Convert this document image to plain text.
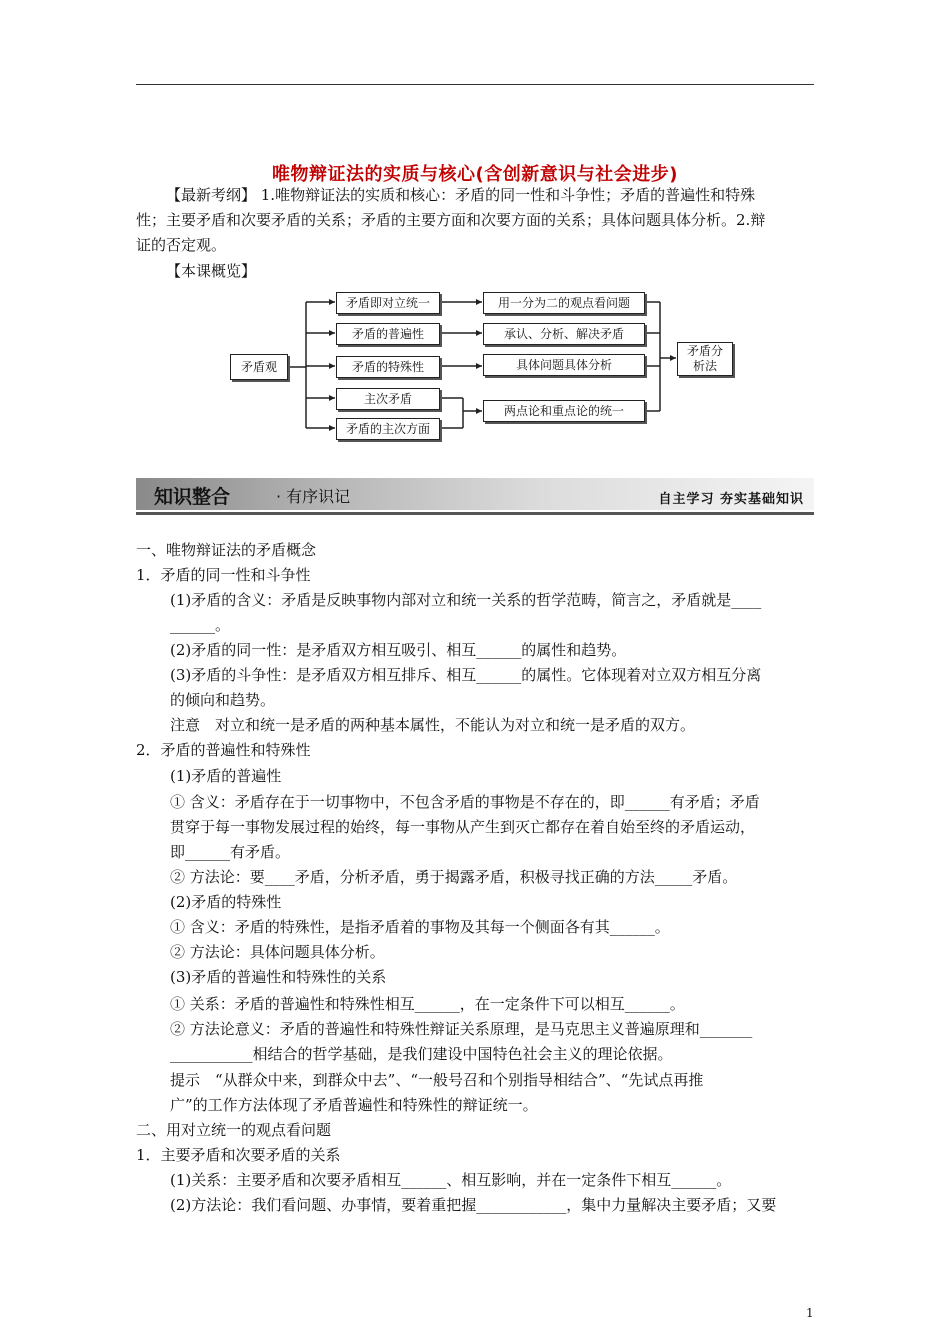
唯物辩证法的实质与核心(含创新意识与社会进步)
【最新考纲】 1.唯物辩证法的实质和核心：矛盾的同一性和斗争性；矛盾的普遍性和特殊
性；主要矛盾和次要矛盾的关系；矛盾的主要方面和次要方面的关系；具体问题具体分析。2.辩
证的否定观。
【本课概览】
矛盾观
矛盾即对立统一
矛盾的普遍性
矛盾的特殊性
主次矛盾
矛盾的主次方面
用一分为二的观点看问题
承认、分析、解决矛盾
具体问题具体分析
两点论和重点论的统一
矛盾分析法
知识整合	· 有序识记	自主学习 夯实基础知识
一、唯物辩证法的矛盾概念
1．矛盾的同一性和斗争性
(1)矛盾的含义：矛盾是反映事物内部对立和统一关系的哲学范畴，简言之，矛盾就是____
______。
(2)矛盾的同一性：是矛盾双方相互吸引、相互______的属性和趋势。
(3)矛盾的斗争性：是矛盾双方相互排斥、相互______的属性。它体现着对立双方相互分离
的倾向和趋势。
注意　对立和统一是矛盾的两种基本属性，不能认为对立和统一是矛盾的双方。
2．矛盾的普遍性和特殊性
(1)矛盾的普遍性
① 含义：矛盾存在于一切事物中，不包含矛盾的事物是不存在的，即______有矛盾；矛盾
贯穿于每一事物发展过程的始终，每一事物从产生到灭亡都存在着自始至终的矛盾运动，
即______有矛盾。
② 方法论：要____矛盾，分析矛盾，勇于揭露矛盾，积极寻找正确的方法_____矛盾。
(2)矛盾的特殊性
① 含义：矛盾的特殊性，是指矛盾着的事物及其每一个侧面各有其______。
② 方法论：具体问题具体分析。
(3)矛盾的普遍性和特殊性的关系
① 关系：矛盾的普遍性和特殊性相互______，在一定条件下可以相互______。
② 方法论意义：矛盾的普遍性和特殊性辩证关系原理，是马克思主义普遍原理和_______
___________相结合的哲学基础，是我们建设中国特色社会主义的理论依据。
提示　“从群众中来，到群众中去”、“一般号召和个别指导相结合”、“先试点再推
广”的工作方法体现了矛盾普遍性和特殊性的辩证统一。
二、用对立统一的观点看问题
1．主要矛盾和次要矛盾的关系
(1)关系：主要矛盾和次要矛盾相互______、相互影响，并在一定条件下相互______。
(2)方法论：我们看问题、办事情，要着重把握____________，集中力量解决主要矛盾；又要
1
